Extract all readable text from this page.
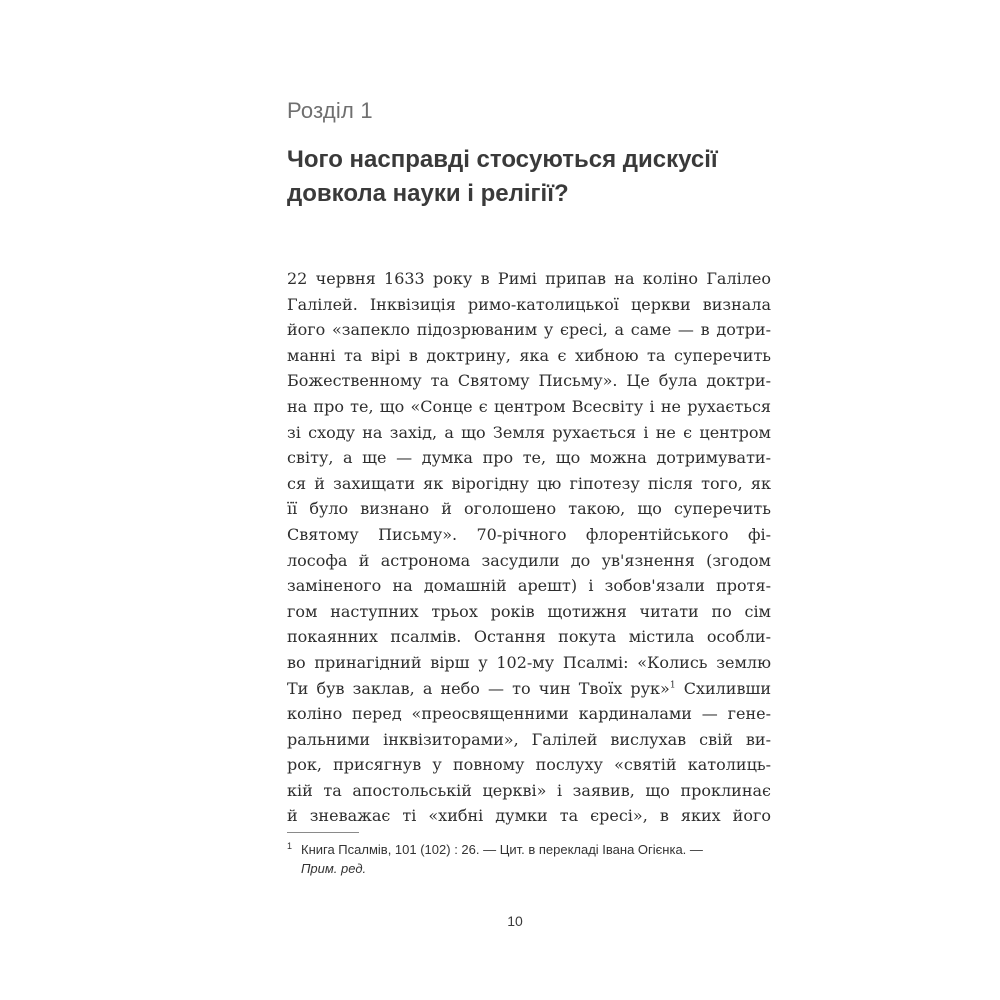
Розділ 1
Чого насправді стосуються дискусії
довкола науки і релігії?
22 червня 1633 року в Римі припав на коліно Галілео
Галілей. Інквізиція римо-католицької церкви визнала
його «запекло підозрюваним у єресі, а саме — в дотри-
манні та вірі в доктрину, яка є хибною та суперечить
Божественному та Святому Письму». Це була доктри-
на про те, що «Сонце є центром Всесвіту і не рухається
зі сходу на захід, а що Земля рухається і не є центром
світу, а ще — думка про те, що можна дотримувати-
ся й захищати як вірогідну цю гіпотезу після того, як
її було визнано й оголошено такою, що суперечить
Святому Письму». 70-річного флорентійського фі-
лософа й астронома засудили до ув'язнення (згодом
заміненого на домашній арешт) і зобов'язали протя-
гом наступних трьох років щотижня читати по сім
покаянних псалмів. Остання покута містила особли-
во принагідний вірш у 102-му Псалмі: «Колись землю
Ти був заклав, а небо — то чин Твоїх рук»$^1$ Схиливши
коліно перед «преосвященними кардиналами — гене-
ральними інквізиторами», Галілей вислухав свій ви-
рок, присягнув у повному послуху «святій католиць-
кій та апостольській церкві» і заявив, що проклинає
й зневажає ті «хибні думки та єресі», в яких його
1 Книга Псалмів, 101 (102) : 26. — Цит. в перекладі Івана Огієнка. —
Прим. ред.
10
